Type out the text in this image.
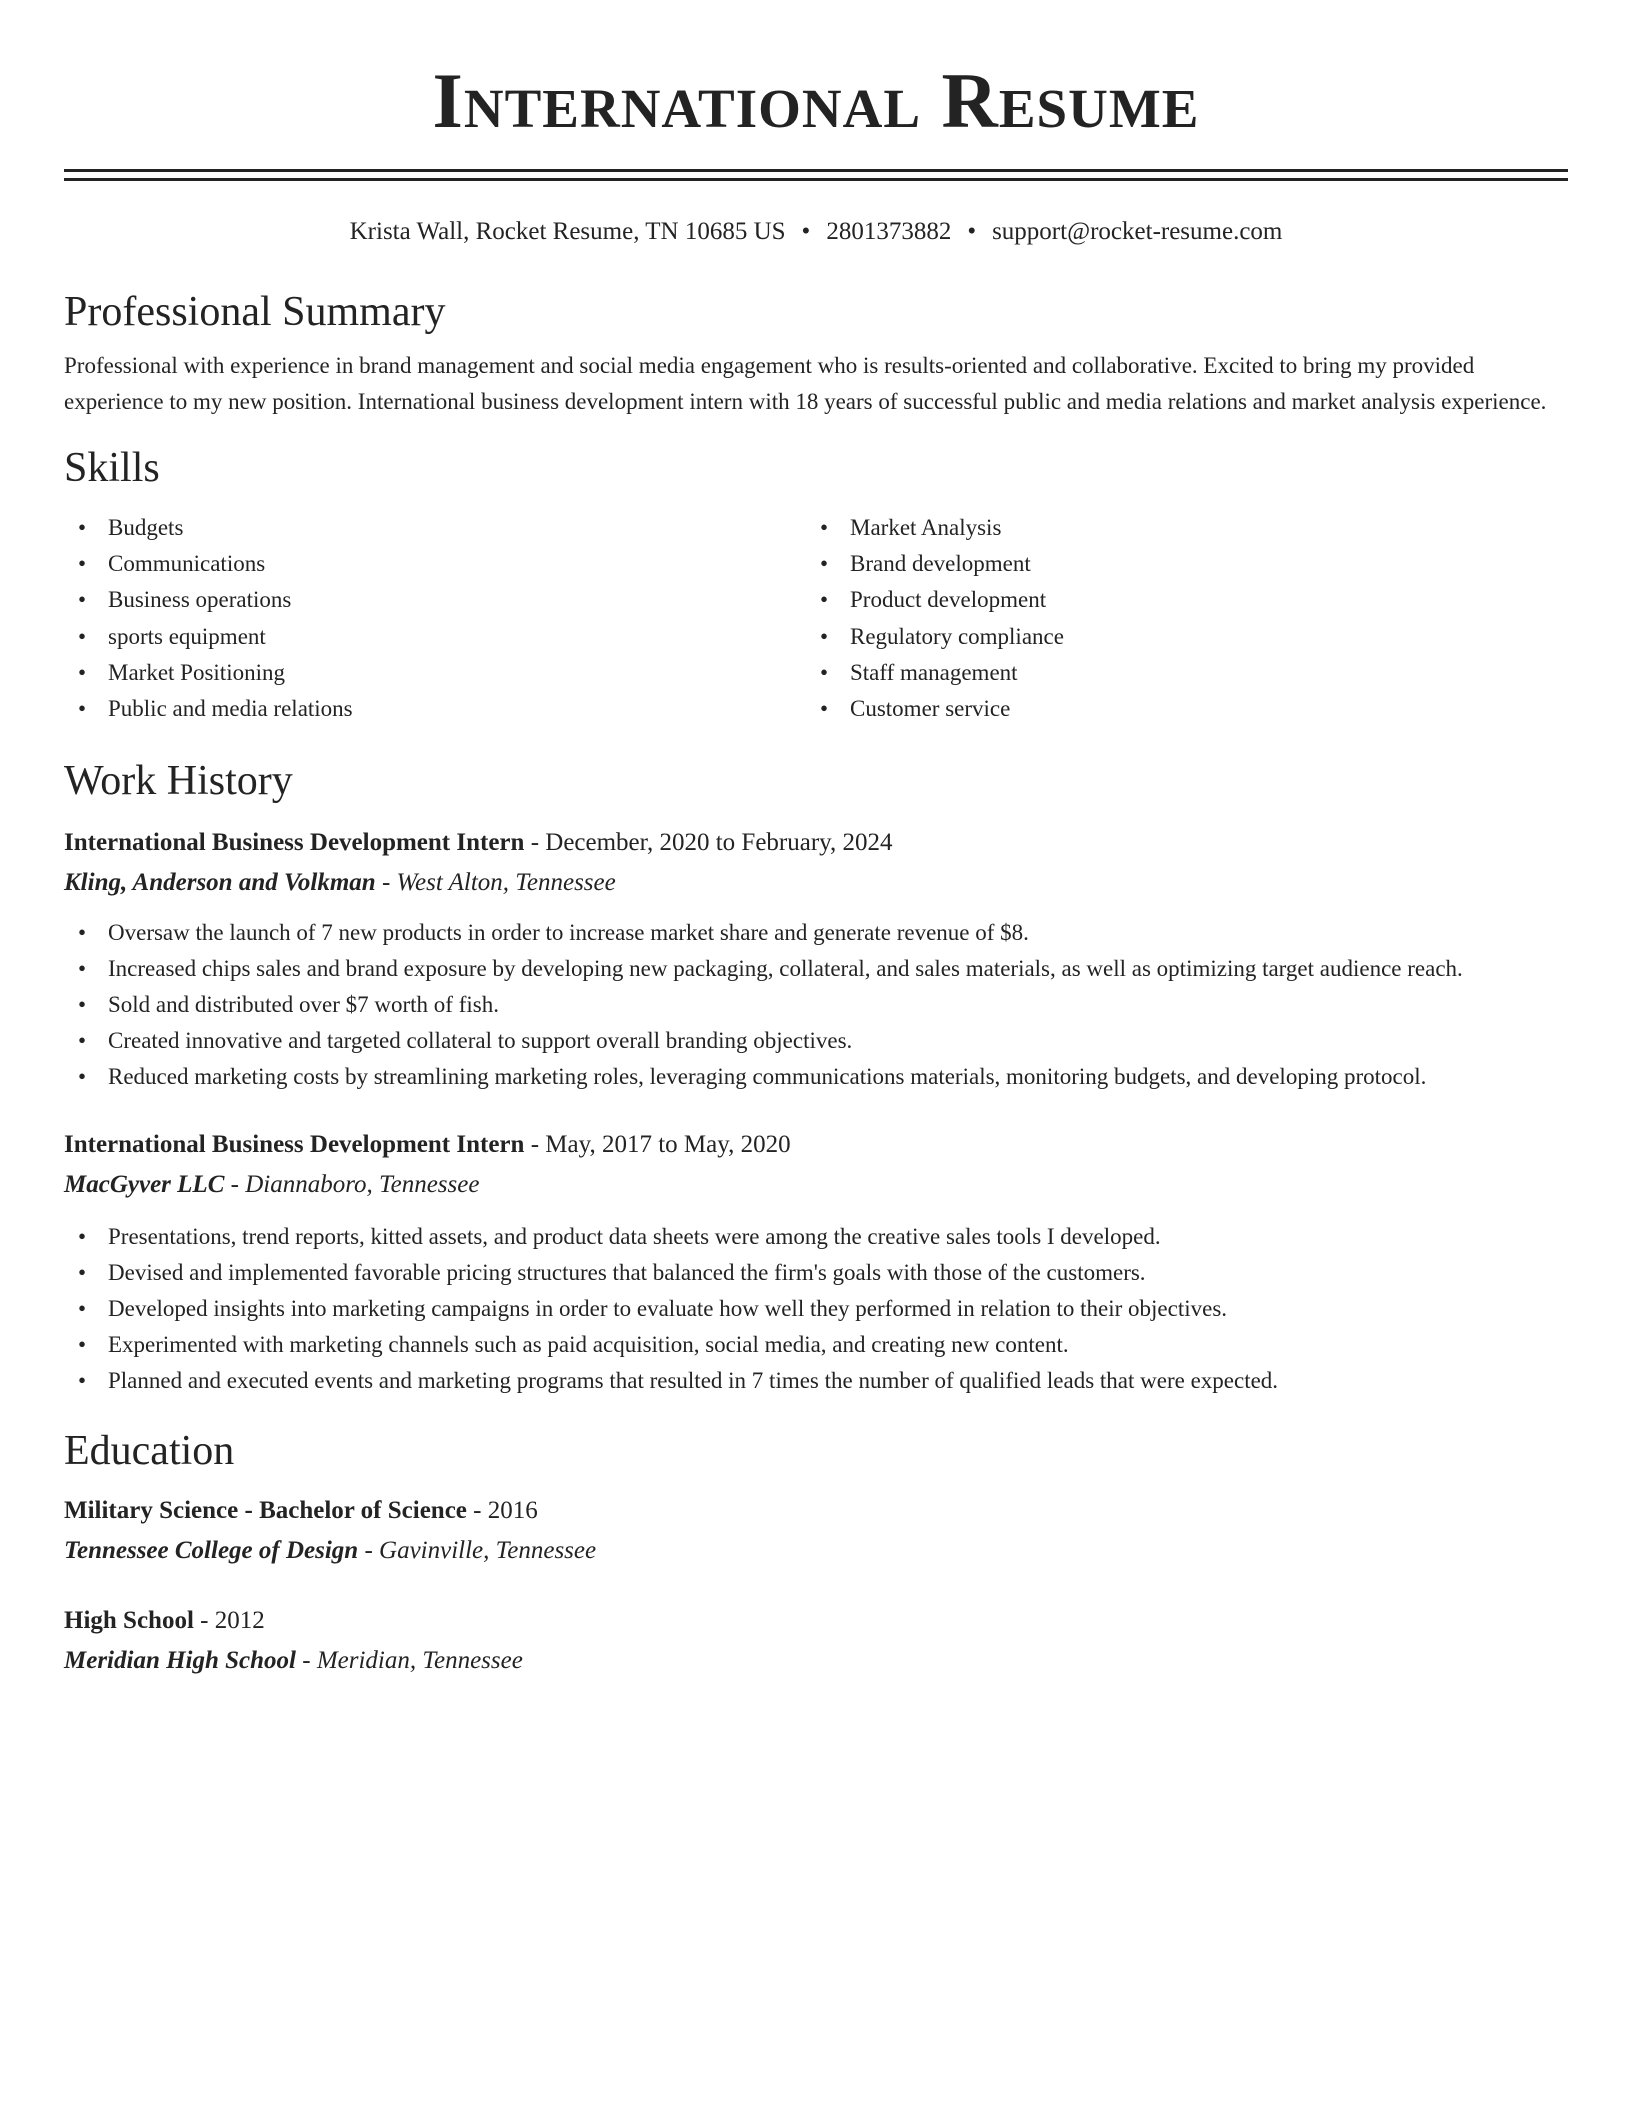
International Resume
Krista Wall, Rocket Resume, TN 10685 US • 2801373882 • support@rocket-resume.com
Professional Summary

Professional with experience in brand management and social media engagement who is results-oriented and collaborative. Excited to bring my provided experience to my new position. International business development intern with 18 years of successful public and media relations and market analysis experience.

Skills
• Budgets
• Communications
• Business operations
• sports equipment
• Market Positioning
• Public and media relations
• Market Analysis
• Brand development
• Product development
• Regulatory compliance
• Staff management
• Customer service
Work History
International Business Development Intern - December, 2020 to February, 2024
Kling, Anderson and Volkman - West Alton, Tennessee
• Oversaw the launch of 7 new products in order to increase market share and generate revenue of $8.
• Increased chips sales and brand exposure by developing new packaging, collateral, and sales materials, as well as optimizing target audience reach.
• Sold and distributed over $7 worth of fish.
• Created innovative and targeted collateral to support overall branding objectives.
• Reduced marketing costs by streamlining marketing roles, leveraging communications materials, monitoring budgets, and developing protocol.
International Business Development Intern - May, 2017 to May, 2020
MacGyver LLC - Diannaboro, Tennessee
• Presentations, trend reports, kitted assets, and product data sheets were among the creative sales tools I developed.
• Devised and implemented favorable pricing structures that balanced the firm's goals with those of the customers.
• Developed insights into marketing campaigns in order to evaluate how well they performed in relation to their objectives.
• Experimented with marketing channels such as paid acquisition, social media, and creating new content.
• Planned and executed events and marketing programs that resulted in 7 times the number of qualified leads that were expected.
Education
Military Science - Bachelor of Science - 2016
Tennessee College of Design - Gavinville, Tennessee
High School - 2012
Meridian High School - Meridian, Tennessee
